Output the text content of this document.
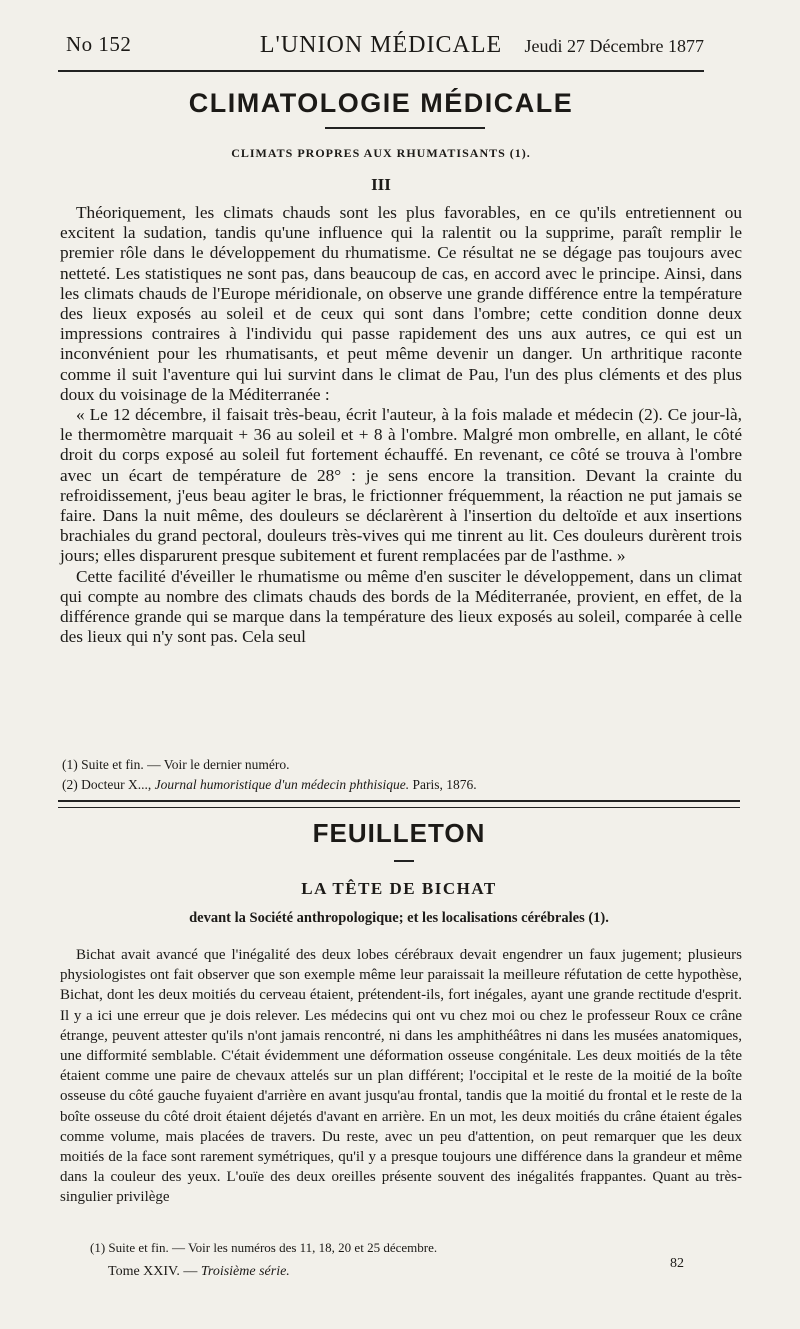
No 152	L'UNION MÉDICALE	Jeudi 27 Décembre 1877
CLIMATOLOGIE MÉDICALE
CLIMATS PROPRES AUX RHUMATISANTS (1).
III

Théoriquement, les climats chauds sont les plus favorables, en ce qu'ils entretiennent ou excitent la sudation, tandis qu'une influence qui la ralentit ou la supprime, paraît remplir le premier rôle dans le développement du rhumatisme. Ce résultat ne se dégage pas toujours avec netteté. Les statistiques ne sont pas, dans beaucoup de cas, en accord avec le principe. Ainsi, dans les climats chauds de l'Europe méridionale, on observe une grande différence entre la température des lieux exposés au soleil et de ceux qui sont dans l'ombre; cette condition donne deux impressions contraires à l'individu qui passe rapidement des uns aux autres, ce qui est un inconvénient pour les rhumatisants, et peut même devenir un danger. Un arthritique raconte comme il suit l'aventure qui lui survint dans le climat de Pau, l'un des plus cléments et des plus doux du voisinage de la Méditerranée :

« Le 12 décembre, il faisait très-beau, écrit l'auteur, à la fois malade et médecin (2). Ce jour-là, le thermomètre marquait + 36 au soleil et + 8 à l'ombre. Malgré mon ombrelle, en allant, le côté droit du corps exposé au soleil fut fortement échauffé. En revenant, ce côté se trouva à l'ombre avec un écart de température de 28° : je sens encore la transition. Devant la crainte du refroidissement, j'eus beau agiter le bras, le frictionner fréquemment, la réaction ne put jamais se faire. Dans la nuit même, des douleurs se déclarèrent à l'insertion du deltoïde et aux insertions brachiales du grand pectoral, douleurs très-vives qui me tinrent au lit. Ces douleurs durèrent trois jours; elles disparurent presque subitement et furent remplacées par de l'asthme. »

Cette facilité d'éveiller le rhumatisme ou même d'en susciter le développement, dans un climat qui compte au nombre des climats chauds des bords de la Méditerranée, provient, en effet, de la différence grande qui se marque dans la température des lieux exposés au soleil, comparée à celle des lieux qui n'y sont pas. Cela seul

(1) Suite et fin. — Voir le dernier numéro.
(2) Docteur X..., Journal humoristique d'un médecin phthisique. Paris, 1876.
FEUILLETON
LA TÊTE DE BICHAT
devant la Société anthropologique; et les localisations cérébrales (1).

Bichat avait avancé que l'inégalité des deux lobes cérébraux devait engendrer un faux jugement; plusieurs physiologistes ont fait observer que son exemple même leur paraissait la meilleure réfutation de cette hypothèse, Bichat, dont les deux moitiés du cerveau étaient, prétendent-ils, fort inégales, ayant une grande rectitude d'esprit. Il y a ici une erreur que je dois relever. Les médecins qui ont vu chez moi ou chez le professeur Roux ce crâne étrange, peuvent attester qu'ils n'ont jamais rencontré, ni dans les amphithéâtres ni dans les musées anatomiques, une difformité semblable. C'était évidemment une déformation osseuse congénitale. Les deux moitiés de la tête étaient comme une paire de chevaux attelés sur un plan différent; l'occipital et le reste de la moitié de la boîte osseuse du côté gauche fuyaient d'arrière en avant jusqu'au frontal, tandis que la moitié du frontal et le reste de la boîte osseuse du côté droit étaient déjetés d'avant en arrière. En un mot, les deux moitiés du crâne étaient égales comme volume, mais placées de travers. Du reste, avec un peu d'attention, on peut remarquer que les deux moitiés de la face sont rarement symétriques, qu'il y a presque toujours une différence dans la grandeur et même dans la couleur des yeux. L'ouïe des deux oreilles présente souvent des inégalités frappantes. Quant au très-singulier privilège

(1) Suite et fin. — Voir les numéros des 11, 18, 20 et 25 décembre.
Tome XXIV. — Troisième série.
82
